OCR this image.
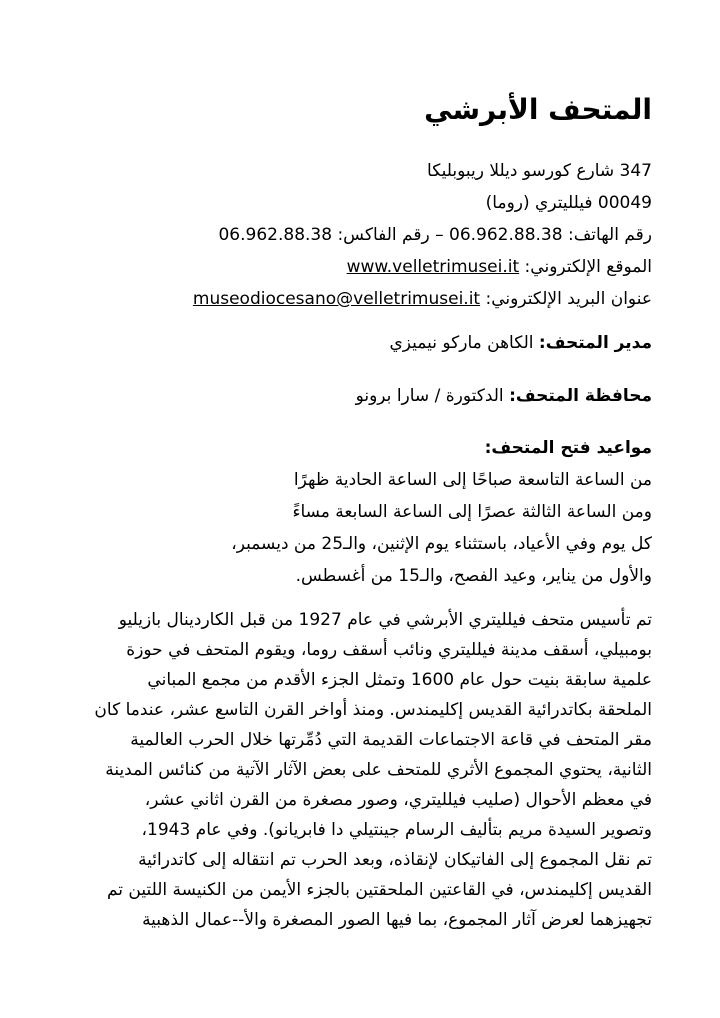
المتحف الأبرشي
347 شارع كورسو ديللا ريبوبليكا
00049 فيلليتري (روما)
رقم الهاتف: 06.962.88.38 – رقم الفاكس: 06.962.88.38
الموقع الإلكتروني: www.velletrimusei.it
عنوان البريد الإلكتروني: museodiocesano@velletrimusei.it
مدير المتحف: الكاهن ماركو نيميزي
محافظة المتحف: الدكتورة / سارا برونو
مواعيد فتح المتحف:
من الساعة التاسعة صباحًا إلى الساعة الحادية ظهرًا
ومن الساعة الثالثة عصرًا إلى الساعة السابعة مساءً
كل يوم وفي الأعياد، باستثناء يوم الإثنين، والـ25 من ديسمبر،
والأول من يناير، وعيد الفصح، والـ15 من أغسطس.

تم تأسيس متحف فيلليتري الأبرشي في عام 1927 من قبل الكاردينال بازيليو

بومبيلي، أسقف مدينة فيلليتري ونائب أسقف روما، ويقوم المتحف في حوزة

علمية سابقة بنيت حول عام 1600 وتمثل الجزء الأقدم من مجمع المباني

الملحقة بكاتدرائية القديس إكليمندس. ومنذ أواخر القرن التاسع عشر، عندما كان

مقر المتحف في قاعة الاجتماعات القديمة التي دُمِّرتها خلال الحرب العالمية

الثانية، يحتوي المجموع الأثري للمتحف على بعض الآثار الآتية من كنائس المدينة

في معظم الأحوال (صليب فيلليتري، وصور مصغرة من القرن اثاني عشر،

وتصوير السيدة مريم بتأليف الرسام جينتيلي دا فابريانو). وفي عام 1943،

تم نقل المجموع إلى الفاتيكان لإنقاذه، وبعد الحرب تم انتقاله إلى كاتدرائية

القديس إكليمندس، في القاعتين الملحقتين بالجزء الأيمن من الكنيسة اللتين تم

تجهيزهما لعرض آثار المجموع، بما فيها الصور المصغرة والأ--عمال الذهبية
